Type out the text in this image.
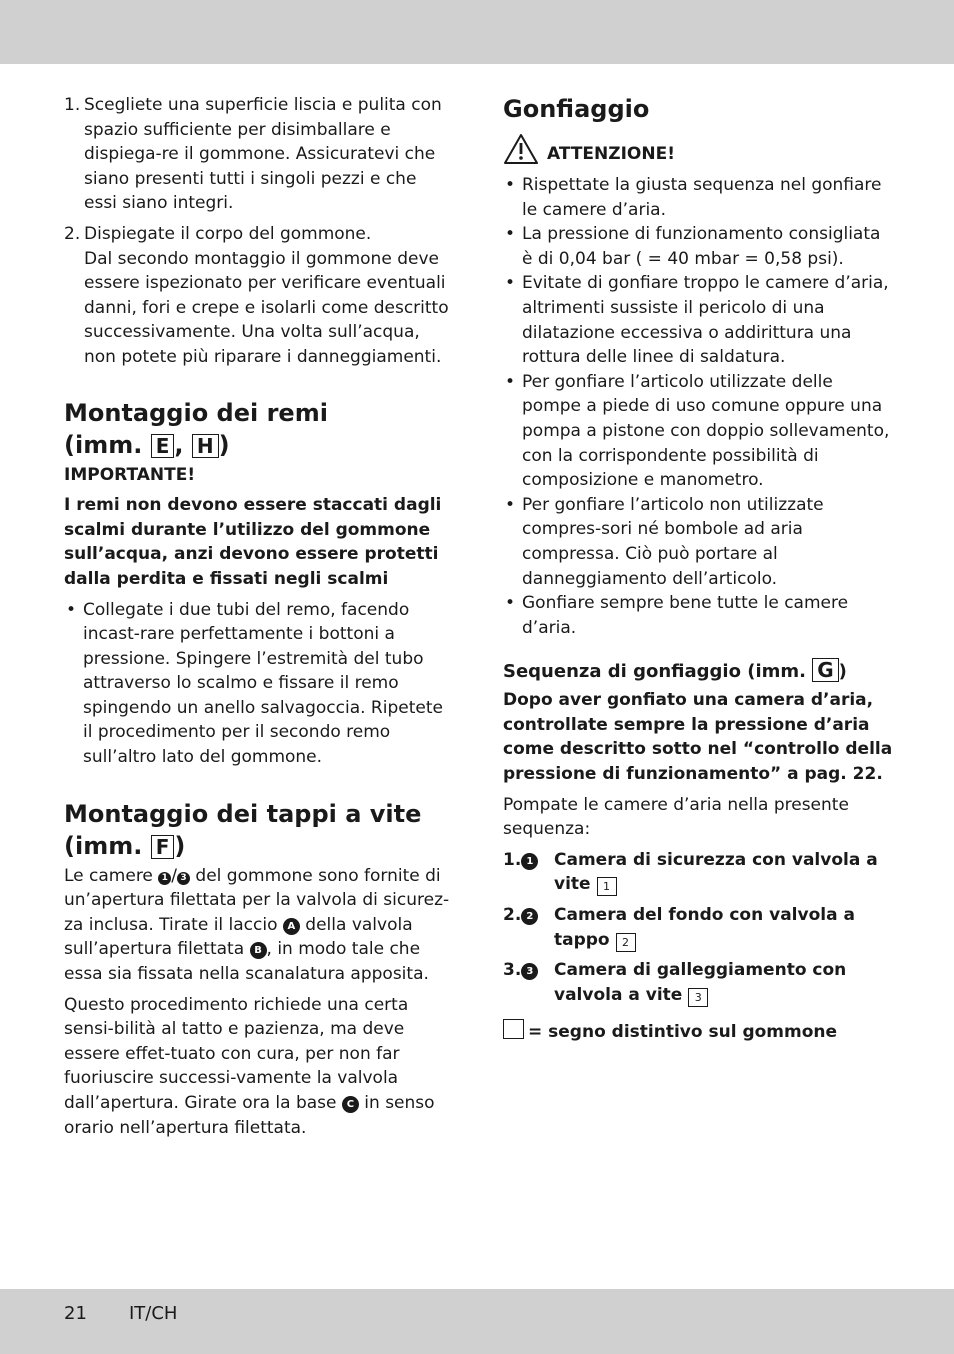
1. Scegliete una superficie liscia e pulita con spazio sufficiente per disimballare e dispiega-re il gommone. Assicuratevi che siano presenti tutti i singoli pezzi e che essi siano integri.

2. Dispiegate il corpo del gommone.
Dal secondo montaggio il gommone deve essere ispezionato per verificare eventuali danni, fori e crepe e isolarli come descritto successivamente. Una volta sull’acqua, non potete più riparare i danneggiamenti.

Montaggio dei remi
(imm. E , H )

IMPORTANTE!

I remi non devono essere staccati dagli scalmi durante l’utilizzo del gommone sull’acqua, anzi devono essere protetti dalla perdita e fissati negli scalmi

• Collegate i due tubi del remo, facendo incast-rare perfettamente i bottoni a pressione. Spingere l’estremità del tubo attraverso lo scalmo e fissare il remo spingendo un anello salvagoccia. Ripetete il procedimento per il secondo remo sull’altro lato del gommone.

Montaggio dei tappi a vite
(imm. F )

Le camere 1 / 3 del gommone sono fornite di un’apertura filettata per la valvola di sicurez-za inclusa. Tirate il laccio A della valvola sull’apertura filettata B , in modo tale che essa sia fissata nella scanalatura apposita.

Questo procedimento richiede una certa sensi-bilità al tatto e pazienza, ma deve essere effet-tuato con cura, per non far fuoriuscire successi-vamente la valvola dall’apertura. Girate ora la base C in senso orario nell’apertura filettata.

Gonfiaggio
ATTENZIONE!

• Rispettate la giusta sequenza nel gonfiare le camere d’aria.

• La pressione di funzionamento consigliata è di 0,04 bar ( = 40 mbar = 0,58 psi).

• Evitate di gonfiare troppo le camere d’aria, altrimenti sussiste il pericolo di una dilatazione eccessiva o addirittura una rottura delle linee di saldatura.

• Per gonfiare l’articolo utilizzate delle pompe a piede di uso comune oppure una pompa a pistone con doppio sollevamento, con la corrispondente possibilità di composizione e manometro.

• Per gonfiare l’articolo non utilizzate compres-sori né bombole ad aria compressa. Ciò può portare al danneggiamento dell’articolo.

• Gonfiare sempre bene tutte le camere d’aria.

Sequenza di gonfiaggio (imm. G )

Dopo aver gonfiato una camera d’aria, controllate sempre la pressione d’aria come descritto sotto nel “controllo della pressione di funzionamento” a pag. 22.

Pompate le camere d’aria nella presente sequenza:

1. 1 Camera di sicurezza con valvola a vite 1

2. 2 Camera del fondo con valvola a tappo 2

3. 3 Camera di galleggiamento con valvola a vite 3

= segno distintivo sul gommone

21 IT/CH
